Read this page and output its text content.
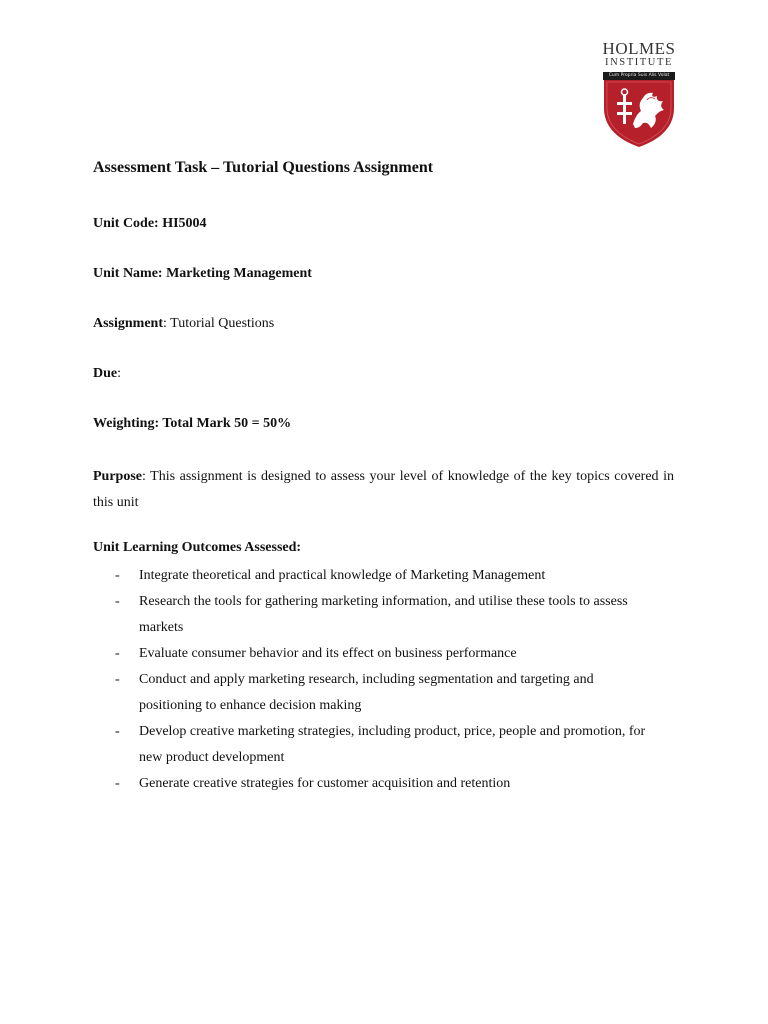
HOLMES
INSTITUTE
Cum Propria Suis Alis Volat
Assessment Task – Tutorial Questions Assignment
Unit Code: HI5004
Unit Name: Marketing Management
Assignment: Tutorial Questions
Due:
Weighting: Total Mark 50 = 50%
Purpose: This assignment is designed to assess your level of knowledge of the key topics covered in this unit
Unit Learning Outcomes Assessed:
- Integrate theoretical and practical knowledge of Marketing Management
- Research the tools for gathering marketing information, and utilise these tools to assess markets
- Evaluate consumer behavior and its effect on business performance
- Conduct and apply marketing research, including segmentation and targeting and positioning to enhance decision making
- Develop creative marketing strategies, including product, price, people and promotion, for new product development
- Generate creative strategies for customer acquisition and retention
